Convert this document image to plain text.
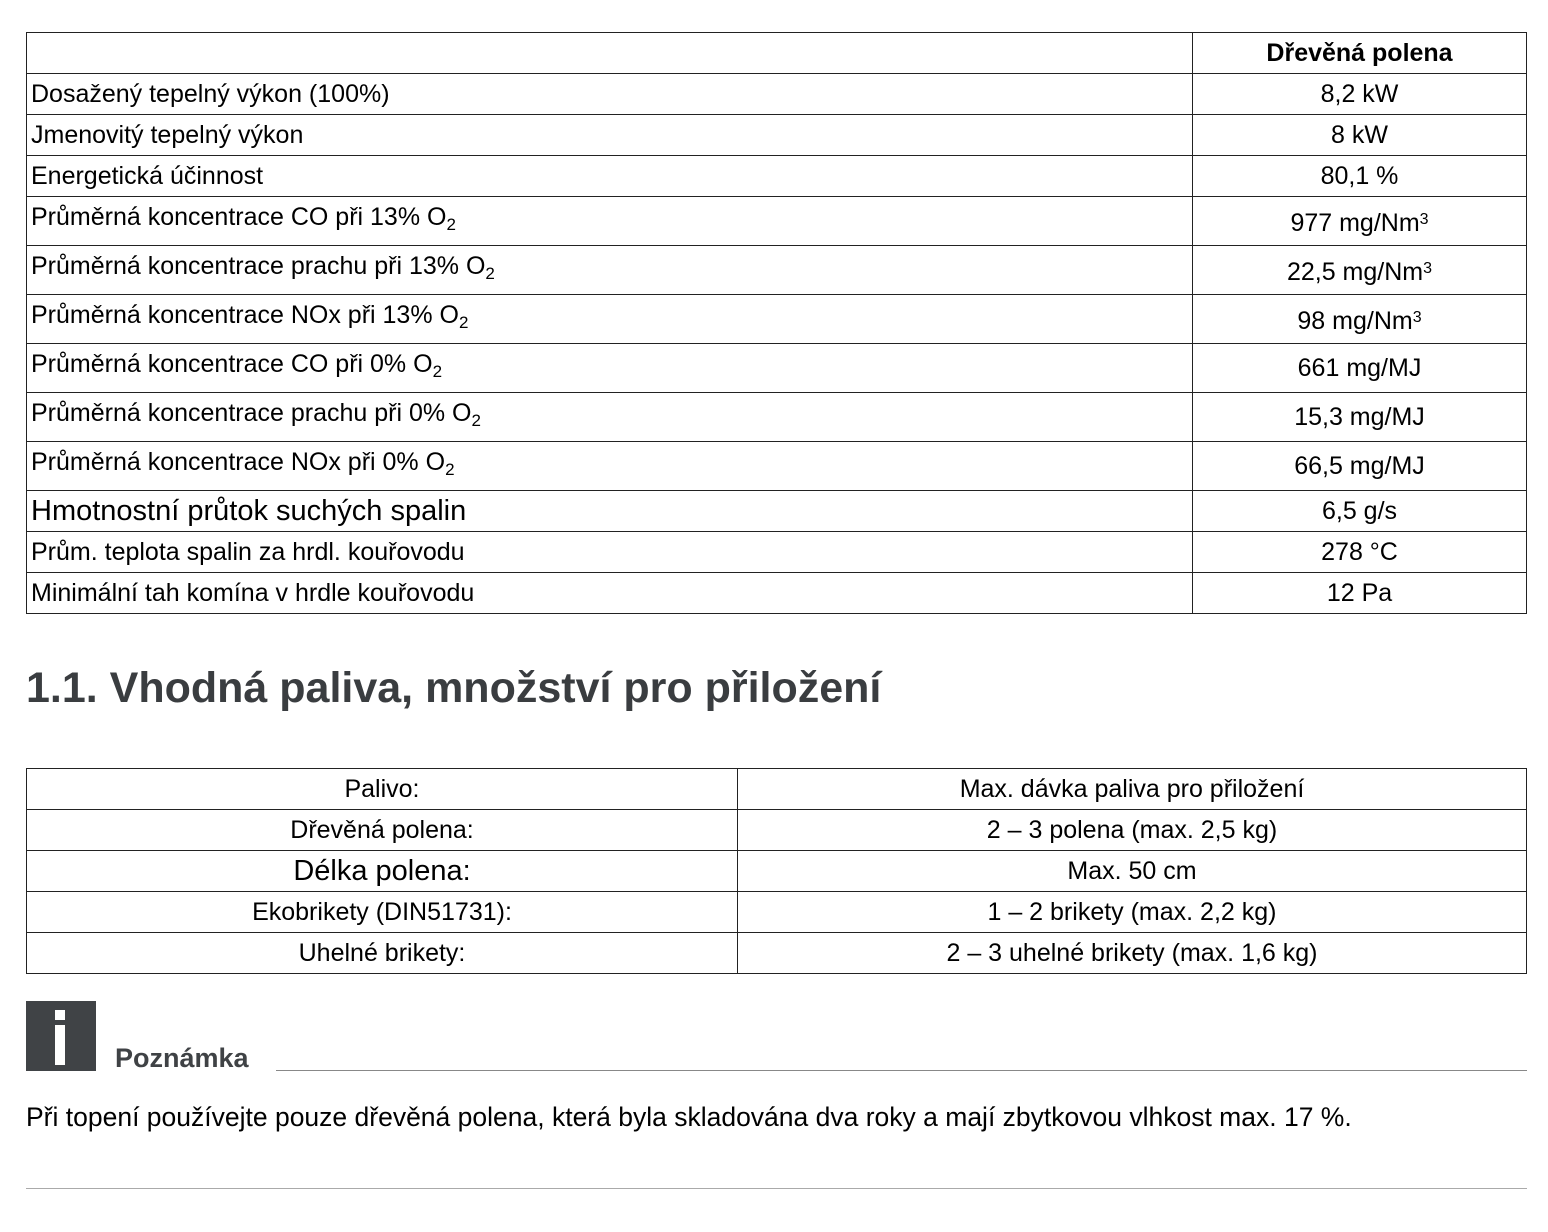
	Dřevěná polena
Dosažený tepelný výkon (100%)	8,2 kW
Jmenovitý tepelný výkon	8 kW
Energetická účinnost	80,1 %
Průměrná koncentrace CO při 13% $O_2$	977 mg/Nm$^3$
Průměrná koncentrace prachu při 13% $O_2$	22,5 mg/Nm$^3$
Průměrná koncentrace NOx při 13% $O_2$	98 mg/Nm$^3$
Průměrná koncentrace CO při 0% $O_2$	661 mg/MJ
Průměrná koncentrace prachu při 0% $O_2$	15,3 mg/MJ
Průměrná koncentrace NOx při 0% $O_2$	66,5 mg/MJ
Hmotnostní průtok suchých spalin	6,5 g/s
Prům. teplota spalin za hrdl. kouřovodu	278 °C
Minimální tah komína v hrdle kouřovodu	12 Pa
1.1. Vhodná paliva, množství pro přiložení
Palivo:	Max. dávka paliva pro přiložení
Dřevěná polena:	2 – 3 polena (max. 2,5 kg)
Délka polena:	Max. 50 cm
Ekobrikety (DIN51731):	1 – 2 brikety (max. 2,2 kg)
Uhelné brikety:	2 – 3 uhelné brikety (max. 1,6 kg)
Poznámka
Při topení používejte pouze dřevěná polena, která byla skladována dva roky a mají zbytkovou vlhkost max. 17 %.
